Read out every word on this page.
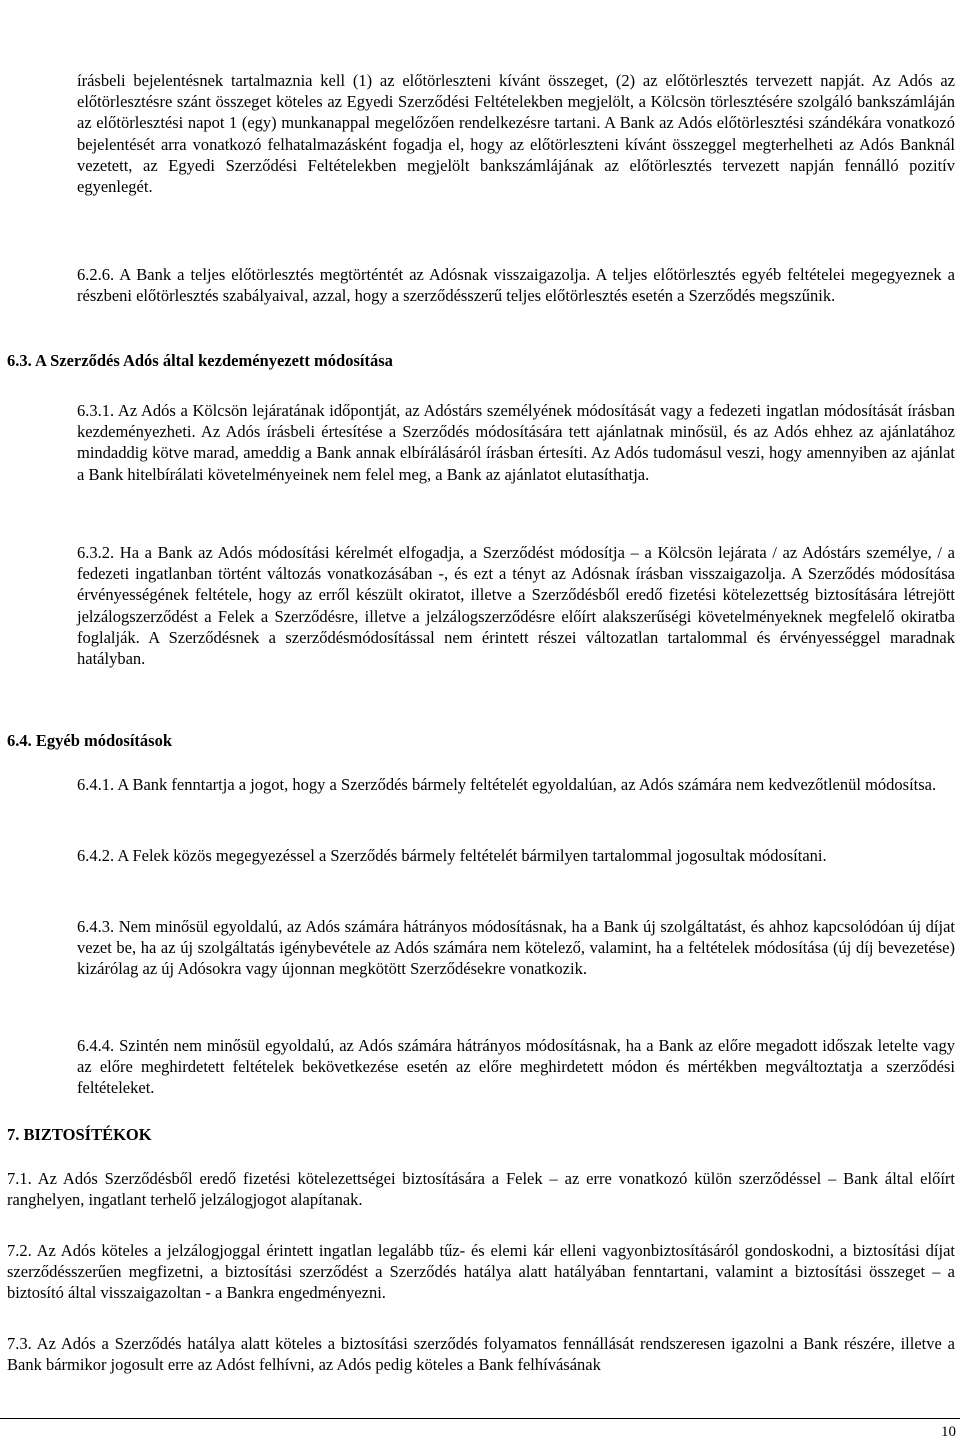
írásbeli bejelentésnek tartalmaznia kell (1) az előtörleszteni kívánt összeget, (2) az előtörlesztés tervezett napját. Az Adós az előtörlesztésre szánt összeget köteles az Egyedi Szerződési Feltételekben megjelölt, a Kölcsön törlesztésére szolgáló bankszámláján az előtörlesztési napot 1 (egy) munkanappal megelőzően rendelkezésre tartani. A Bank az Adós előtörlesztési szándékára vonatkozó bejelentését arra vonatkozó felhatalmazásként fogadja el, hogy az előtörleszteni kívánt összeggel megterhelheti az Adós Banknál vezetett, az Egyedi Szerződési Feltételekben megjelölt bankszámlájának az előtörlesztés tervezett napján fennálló pozitív egyenlegét.

6.2.6. A Bank a teljes előtörlesztés megtörténtét az Adósnak visszaigazolja. A teljes előtörlesztés egyéb feltételei megegyeznek a részbeni előtörlesztés szabályaival, azzal, hogy a szerződésszerű teljes előtörlesztés esetén a Szerződés megszűnik.

6.3. A Szerződés Adós által kezdeményezett módosítása

6.3.1. Az Adós a Kölcsön lejáratának időpontját, az Adóstárs személyének módosítását vagy a fedezeti ingatlan módosítását írásban kezdeményezheti. Az Adós írásbeli értesítése a Szerződés módosítására tett ajánlatnak minősül, és az Adós ehhez az ajánlatához mindaddig kötve marad, ameddig a Bank annak elbírálásáról írásban értesíti. Az Adós tudomásul veszi, hogy amennyiben az ajánlat a Bank hitelbírálati követelményeinek nem felel meg, a Bank az ajánlatot elutasíthatja.

6.3.2. Ha a Bank az Adós módosítási kérelmét elfogadja, a Szerződést módosítja – a Kölcsön lejárata / az Adóstárs személye, / a fedezeti ingatlanban történt változás vonatkozásában -, és ezt a tényt az Adósnak írásban visszaigazolja. A Szerződés módosítása érvényességének feltétele, hogy az erről készült okiratot, illetve a Szerződésből eredő fizetési kötelezettség biztosítására létrejött jelzálogszerződést a Felek a Szerződésre, illetve a jelzálogszerződésre előírt alakszerűségi követelményeknek megfelelő okiratba foglalják. A Szerződésnek a szerződésmódosítással nem érintett részei változatlan tartalommal és érvényességgel maradnak hatályban.

6.4. Egyéb módosítások

6.4.1. A Bank fenntartja a jogot, hogy a Szerződés bármely feltételét egyoldalúan, az Adós számára nem kedvezőtlenül módosítsa.

6.4.2. A Felek közös megegyezéssel a Szerződés bármely feltételét bármilyen tartalommal jogosultak módosítani.

6.4.3. Nem minősül egyoldalú, az Adós számára hátrányos módosításnak, ha a Bank új szolgáltatást, és ahhoz kapcsolódóan új díjat vezet be, ha az új szolgáltatás igénybevétele az Adós számára nem kötelező, valamint, ha a feltételek módosítása (új díj bevezetése) kizárólag az új Adósokra vagy újonnan megkötött Szerződésekre vonatkozik.

6.4.4. Szintén nem minősül egyoldalú, az Adós számára hátrányos módosításnak, ha a Bank az előre megadott időszak letelte vagy az előre meghirdetett feltételek bekövetkezése esetén az előre meghirdetett módon és mértékben megváltoztatja a szerződési feltételeket.

7. BIZTOSÍTÉKOK

7.1. Az Adós Szerződésből eredő fizetési kötelezettségei biztosítására a Felek – az erre vonatkozó külön szerződéssel – Bank által előírt ranghelyen, ingatlant terhelő jelzálogjogot alapítanak.

7.2. Az Adós köteles a jelzálogjoggal érintett ingatlan legalább tűz- és elemi kár elleni vagyonbiztosításáról gondoskodni, a biztosítási díjat szerződésszerűen megfizetni, a biztosítási szerződést a Szerződés hatálya alatt hatályában fenntartani, valamint a biztosítási összeget – a biztosító által visszaigazoltan - a Bankra engedményezni.

7.3. Az Adós a Szerződés hatálya alatt köteles a biztosítási szerződés folyamatos fennállását rendszeresen igazolni a Bank részére, illetve a Bank bármikor jogosult erre az Adóst felhívni, az Adós pedig köteles a Bank felhívásának

10
